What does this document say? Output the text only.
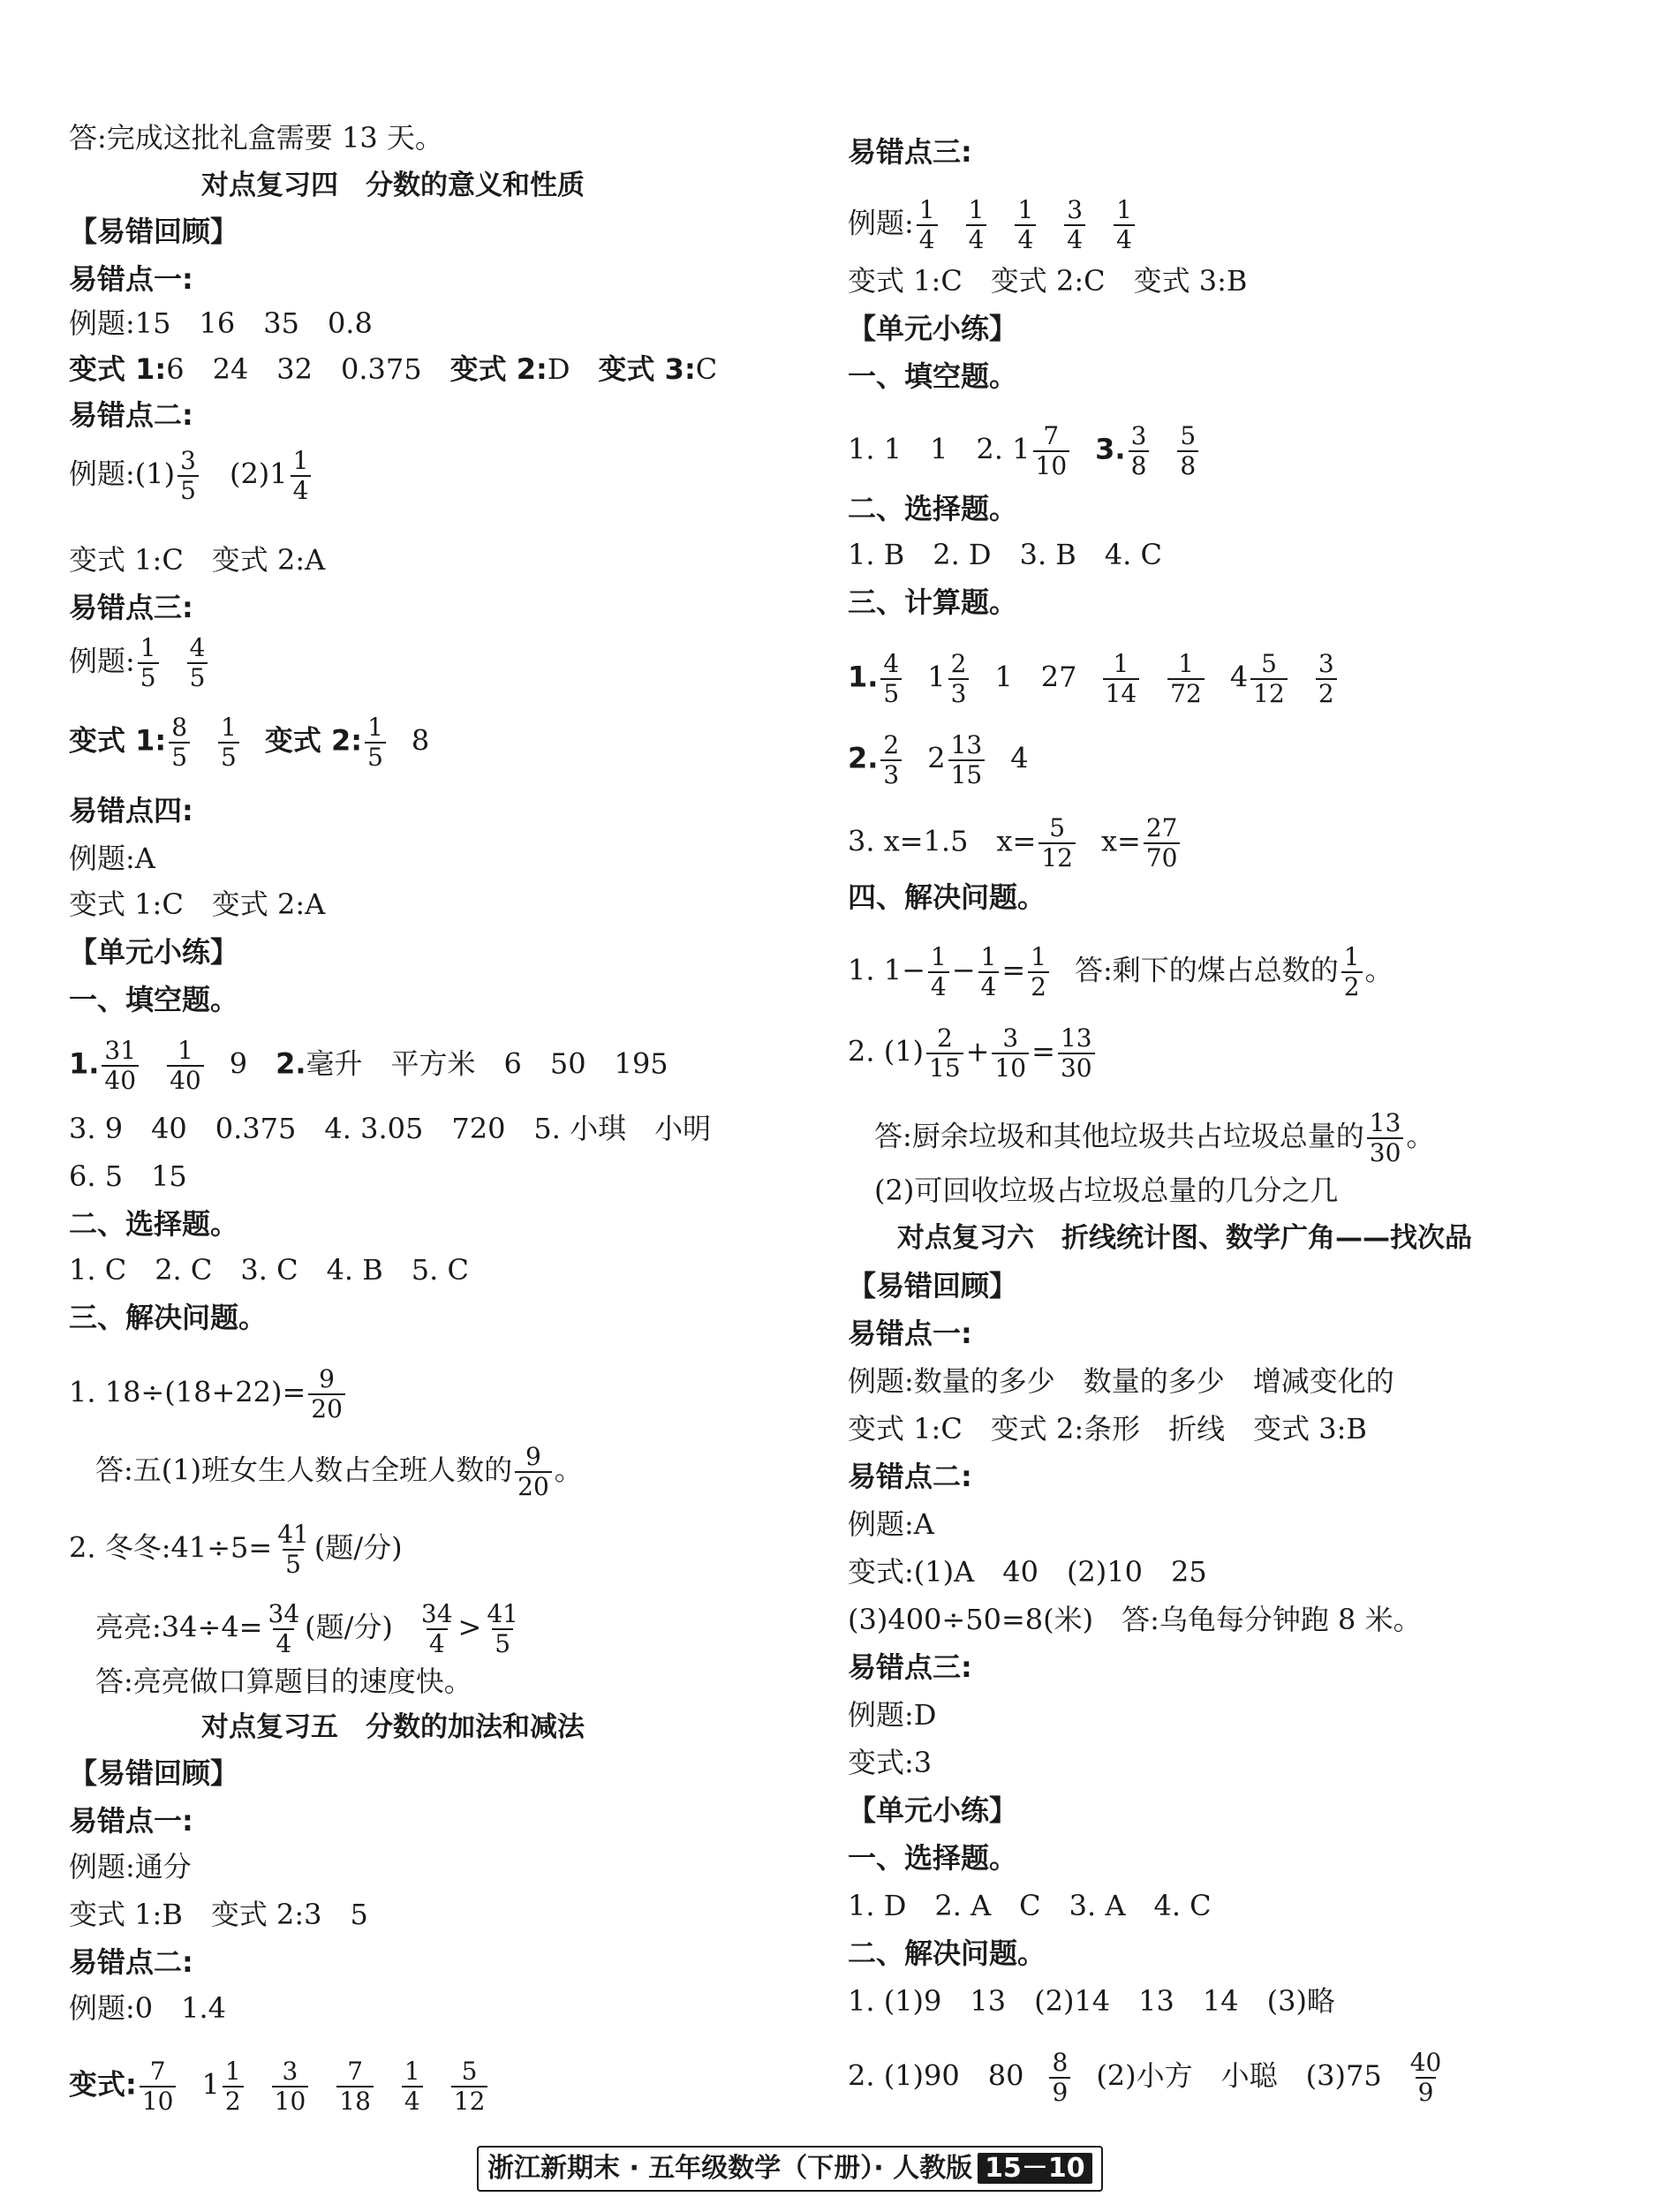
答:完成这批礼盒需要 13 天。
对点复习四　分数的意义和性质
【易错回顾】
易错点一:
例题:15　16　35　0.8
变式 1:6　24　32　0.375　变式 2:D　变式 3:C
易错点二:
例题:(1) $\frac{3}{5}$ 　$(2)1 \frac{1}{4}$
变式 1:C　变式 2:A
易错点三:
例题: $\frac{1}{5} \frac{4}{5}$
变式 1: $\frac{8}{5} \frac{1}{5}$ 变式 2: $\frac{1}{5} 8$
易错点四:
例题:A
变式 1:C　变式 2:A
【单元小练】
一、填空题。
1. $\frac{31}{40} \frac{1}{40} 9$　2.毫升　平方米　6　50　195
3. 9　40　0.375　4. 3.05　720　5. 小琪　小明
6. 5　15
二、选择题。
1. C　2. C　3. C　4. B　5. C
三、解决问题。
1. $18\div(18+22)= \frac{9}{20}$
答:五(1)班女生人数占全班人数的 $\frac{9}{20}$ 。
2. 冬冬:41÷5= $\frac{41}{5}$ (题/分)
亮亮:34÷4= $\frac{34}{4}$ (题/分) $\frac{34}{4} > \frac{41}{5}$
答:亮亮做口算题目的速度快。
对点复习五　分数的加法和减法
【易错回顾】
易错点一:
例题:通分
变式 1:B　变式 2:3　5
易错点二:
例题:0　1.4
变式: $\frac{7}{10} 1 \frac{1}{2} \frac{3}{10} \frac{7}{18} \frac{1}{4} \frac{5}{12}$
易错点三:
例题: $\frac{1}{4} \frac{1}{4} \frac{1}{4} \frac{3}{4} \frac{1}{4}$
变式 1:C　变式 2:C　变式 3:B
【单元小练】
一、填空题。
1. 1　1　2. $1 \frac{7}{10} 3$. $\frac{3}{8} \frac{5}{8}$
二、选择题。
1. B　2. D　3. B　4. C
三、计算题。
1. $\frac{4}{5} 1 \frac{2}{3} 1$　$27 \frac{1}{14} \frac{1}{72} 4 \frac{5}{12} \frac{3}{2}$
2. $\frac{2}{3} 2 \frac{13}{15} 4$
3. x=1.5　$x= \frac{5}{12} x= \frac{27}{70}$
四、解决问题。
1. $1- \frac{1}{4} - \frac{1}{4} = \frac{1}{2}$ 答:剩下的煤占总数的 $\frac{1}{2}$ 。
2. $(1) \frac{2}{15} + \frac{3}{10} = \frac{13}{30}$
答:厨余垃圾和其他垃圾共占垃圾总量的 $\frac{13}{30}$ 。
(2)可回收垃圾占垃圾总量的几分之几
对点复习六　折线统计图、数学广角——找次品
【易错回顾】
易错点一:
例题:数量的多少　数量的多少　增减变化的
变式 1:C　变式 2:条形　折线　变式 3:B
易错点二:
例题:A
变式:(1)A　40　(2)10　25
(3)400÷50=8(米)　答:乌龟每分钟跑 8 米。
易错点三:
例题:D
变式:3
【单元小练】
一、选择题。
1. D　2. A　C　3. A　4. C
二、解决问题。
1. (1)9　13　(2)14　13　14　(3)略
2. (1)90　$80 \frac{8}{9} (2)$小方　小聪　$(3)75 \frac{40}{9}$
浙江新期末 · 五年级数学（下册）· 人教版 15－10
